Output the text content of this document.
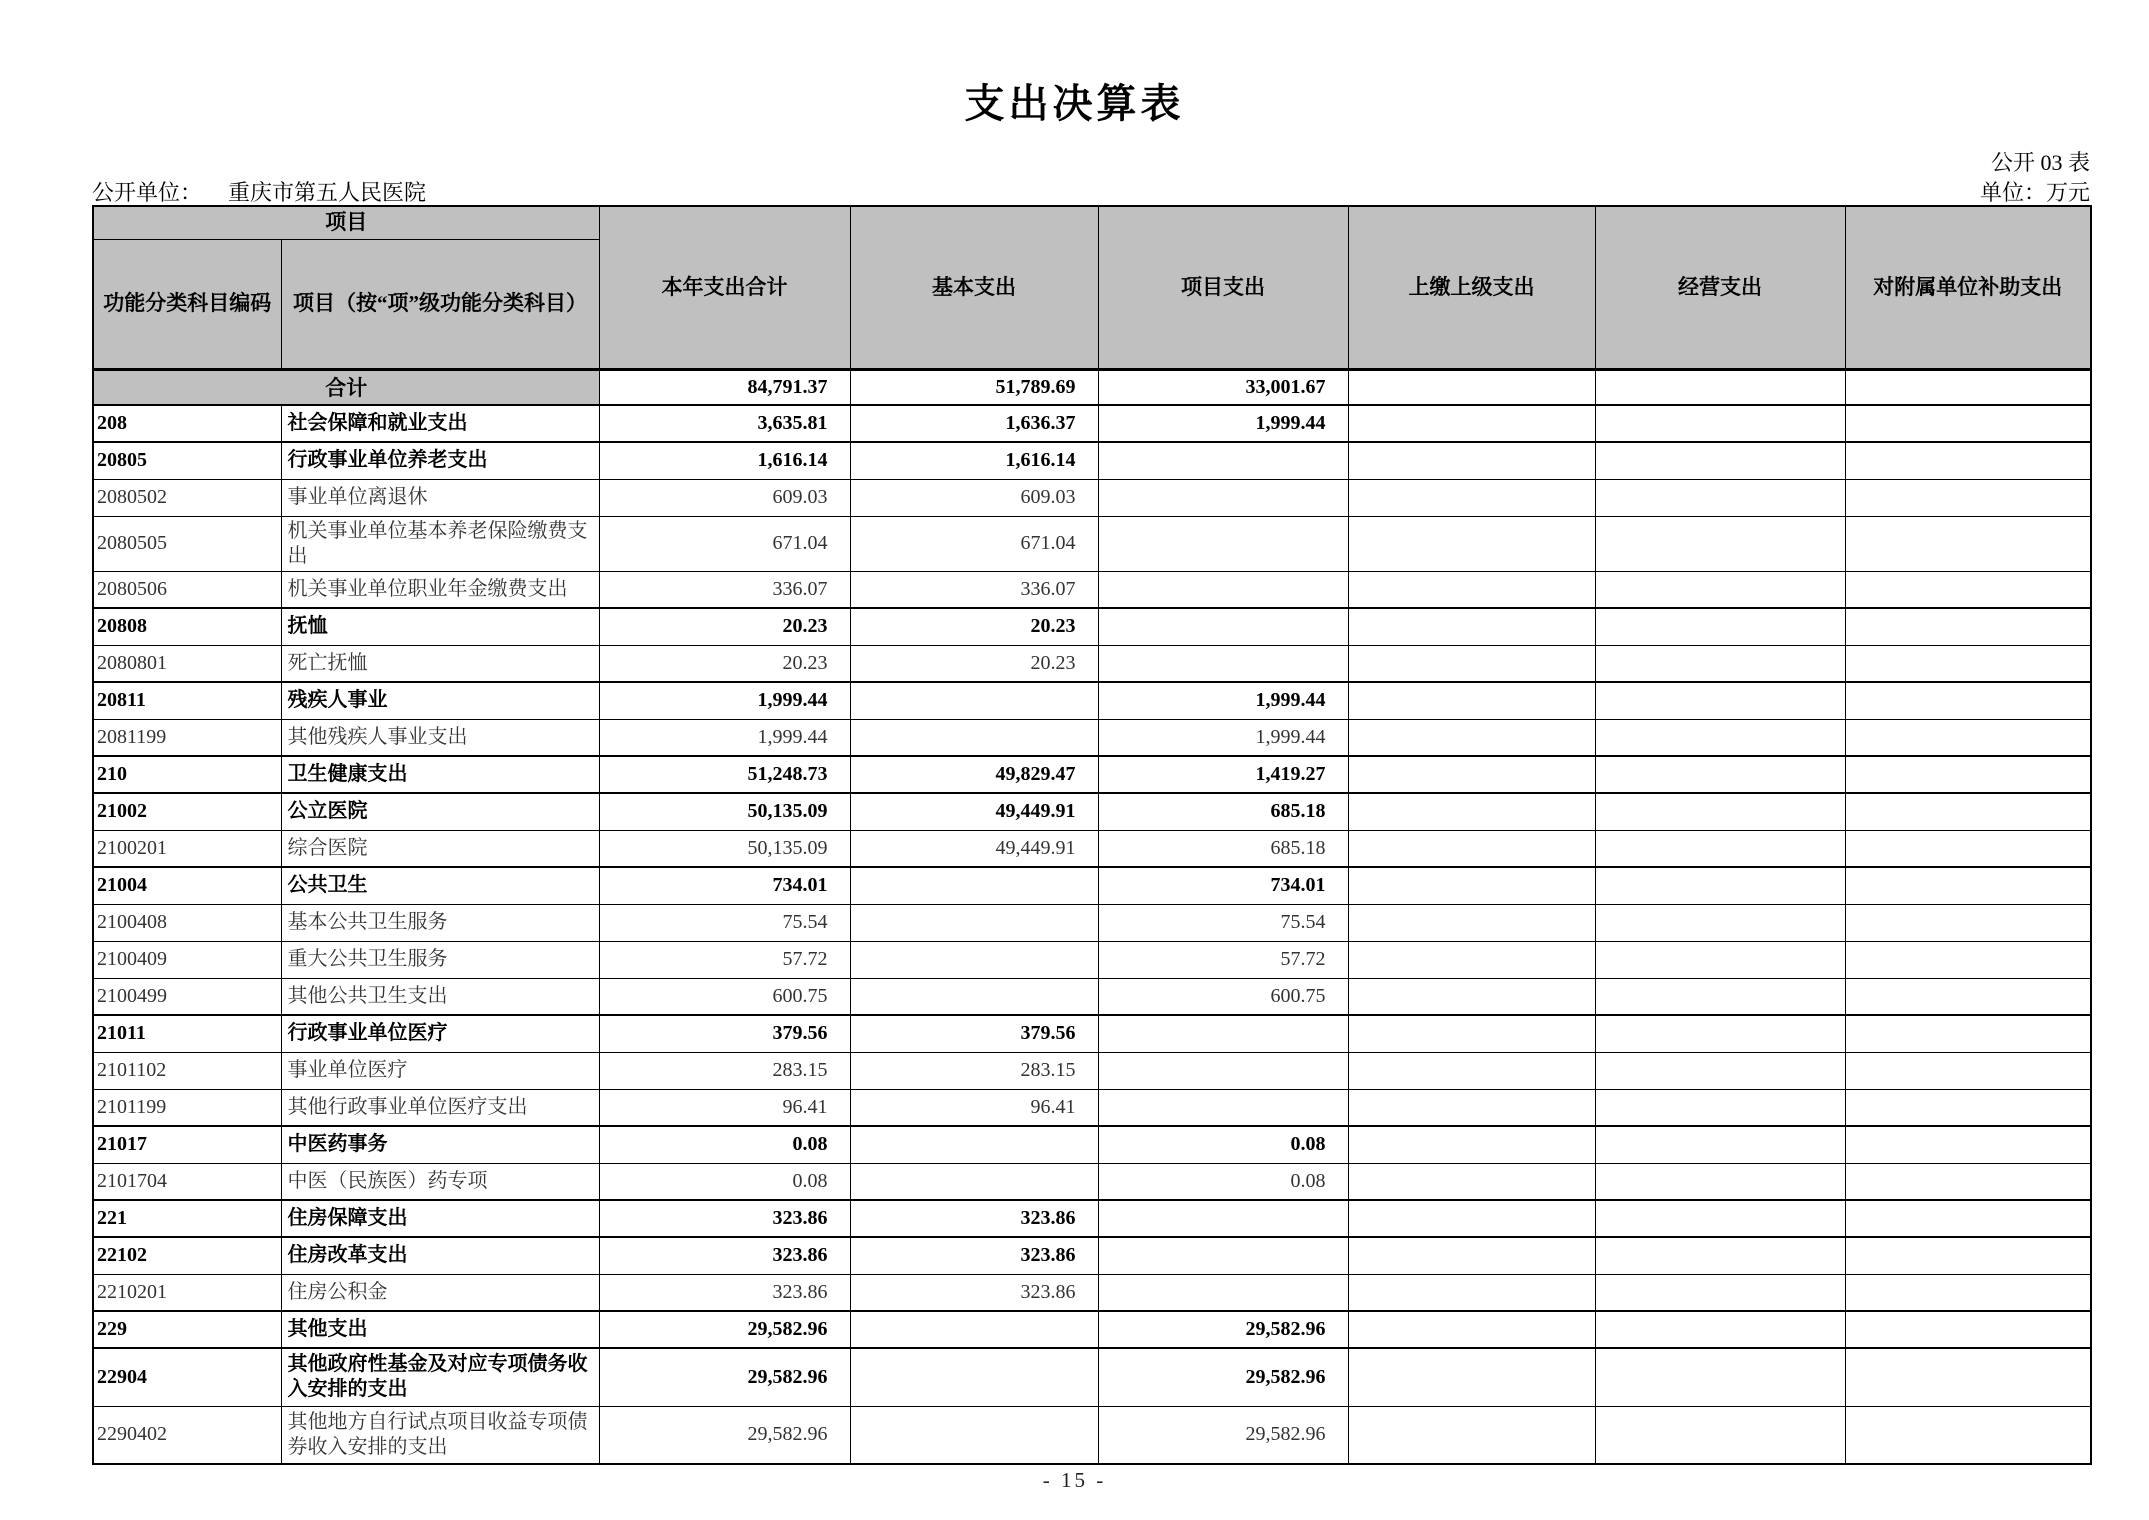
支出决算表
公开 03 表
公开单位： 重庆市第五人民医院	单位：万元
项目		本年支出合计	基本支出	项目支出	上缴上级支出	经营支出	对附属单位补助支出
功能分类科目编码	项目（按“项”级功能分类科目）						
合计		84,791.37	51,789.69	33,001.67			
208	社会保障和就业支出	3,635.81	1,636.37	1,999.44			
20805	行政事业单位养老支出	1,616.14	1,616.14				
2080502	事业单位离退休	609.03	609.03				
2080505	机关事业单位基本养老保险缴费支出	671.04	671.04				
2080506	机关事业单位职业年金缴费支出	336.07	336.07				
20808	抚恤	20.23	20.23				
2080801	死亡抚恤	20.23	20.23				
20811	残疾人事业	1,999.44		1,999.44			
2081199	其他残疾人事业支出	1,999.44		1,999.44			
210	卫生健康支出	51,248.73	49,829.47	1,419.27			
21002	公立医院	50,135.09	49,449.91	685.18			
2100201	综合医院	50,135.09	49,449.91	685.18			
21004	公共卫生	734.01		734.01			
2100408	基本公共卫生服务	75.54		75.54			
2100409	重大公共卫生服务	57.72		57.72			
2100499	其他公共卫生支出	600.75		600.75			
21011	行政事业单位医疗	379.56	379.56				
2101102	事业单位医疗	283.15	283.15				
2101199	其他行政事业单位医疗支出	96.41	96.41				
21017	中医药事务	0.08		0.08			
2101704	中医（民族医）药专项	0.08		0.08			
221	住房保障支出	323.86	323.86				
22102	住房改革支出	323.86	323.86				
2210201	住房公积金	323.86	323.86				
229	其他支出	29,582.96		29,582.96			
22904	其他政府性基金及对应专项债务收入安排的支出	29,582.96		29,582.96			
2290402	其他地方自行试点项目收益专项债券收入安排的支出	29,582.96		29,582.96			
- 15 -
